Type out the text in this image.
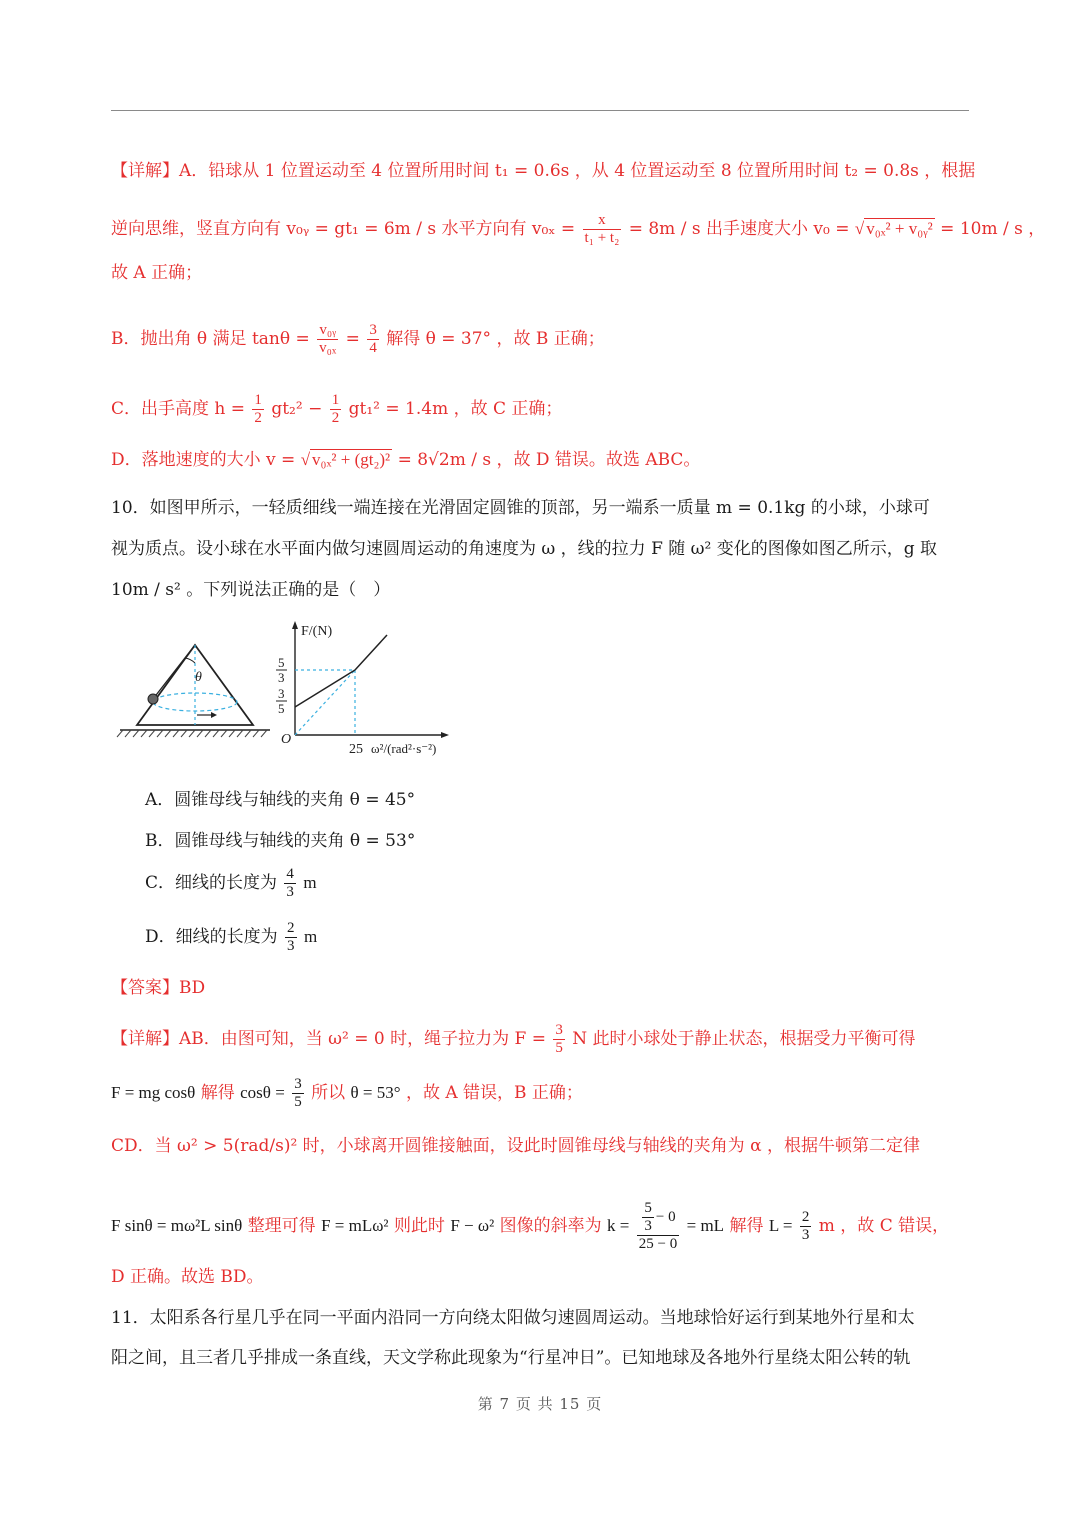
【详解】A．铅球从 1 位置运动至 4 位置所用时间 t₁ = 0.6s ，从 4 位置运动至 8 位置所用时间 t₂ = 0.8s ，根据
逆向思维，竖直方向有 v₀ᵧ = gt₁ = 6m / s 水平方向有 $v_{0x} = \frac{x}{\text{t₁ + t₂}} = 8m / s$ 出手速度大小 v₀ = √ v₀ₓ² + v₀ᵧ² = 10m / s ，
故 A 正确；
B．抛出角 θ 满足 $\tan\theta = \frac{\text{v₀ᵧ}}{\text{v₀ₓ}} = \frac{3}{4}$ 解得 θ = 37° ，故 B 正确；
C．出手高度 $h = \frac{1}{2} gt_2^2 - \frac{1}{2} gt_1^2 = 1.4m$ ，故 C 正确；
D．落地速度的大小 v = √ v₀ₓ² + (gt₂)² = 8√2m / s ，故 D 错误。故选 ABC。
10．如图甲所示，一轻质细线一端连接在光滑固定圆锥的顶部，另一端系一质量 m = 0.1kg 的小球，小球可
视为质点。设小球在水平面内做匀速圆周运动的角速度为 ω ，线的拉力 F 随 ω² 变化的图像如图乙所示，g 取
10m / s² 。下列说法正确的是（　）
θ
F/(N)
O
25 ω²/(rad²·s⁻²)
5
3
3
5
A．圆锥母线与轴线的夹角 θ = 45°
B．圆锥母线与轴线的夹角 θ = 53°
C．细线的长度为 $\frac{4}{3}$ m
D．细线的长度为 $\frac{2}{3}$ m
【答案】BD
【详解】AB．由图可知，当 ω² = 0 时，绳子拉力为 $F = \frac{3}{5}$ N 此时小球处于静止状态，根据受力平衡可得
F = mg cosθ 解得 $\cos\theta = \frac{3}{5}$ 所以 θ = 53° ，故 A 错误，B 正确；
CD．当 ω² > 5(rad/s)² 时，小球离开圆锥接触面，设此时圆锥母线与轴线的夹角为 α ，根据牛顿第二定律
F sinθ = mω²L sinθ 整理可得 F = mLω² 则此时 F − ω² 图像的斜率为 $k = \frac{\frac{5}{3} - 0}{25 - 0}$ = mL 解得 $L = \frac{2}{3}$ m ，故 C 错误，
D 正确。故选 BD。
11．太阳系各行星几乎在同一平面内沿同一方向绕太阳做匀速圆周运动。当地球恰好运行到某地外行星和太
阳之间，且三者几乎排成一条直线，天文学称此现象为“行星冲日”。已知地球及各地外行星绕太阳公转的轨
第 7 页 共 15 页
